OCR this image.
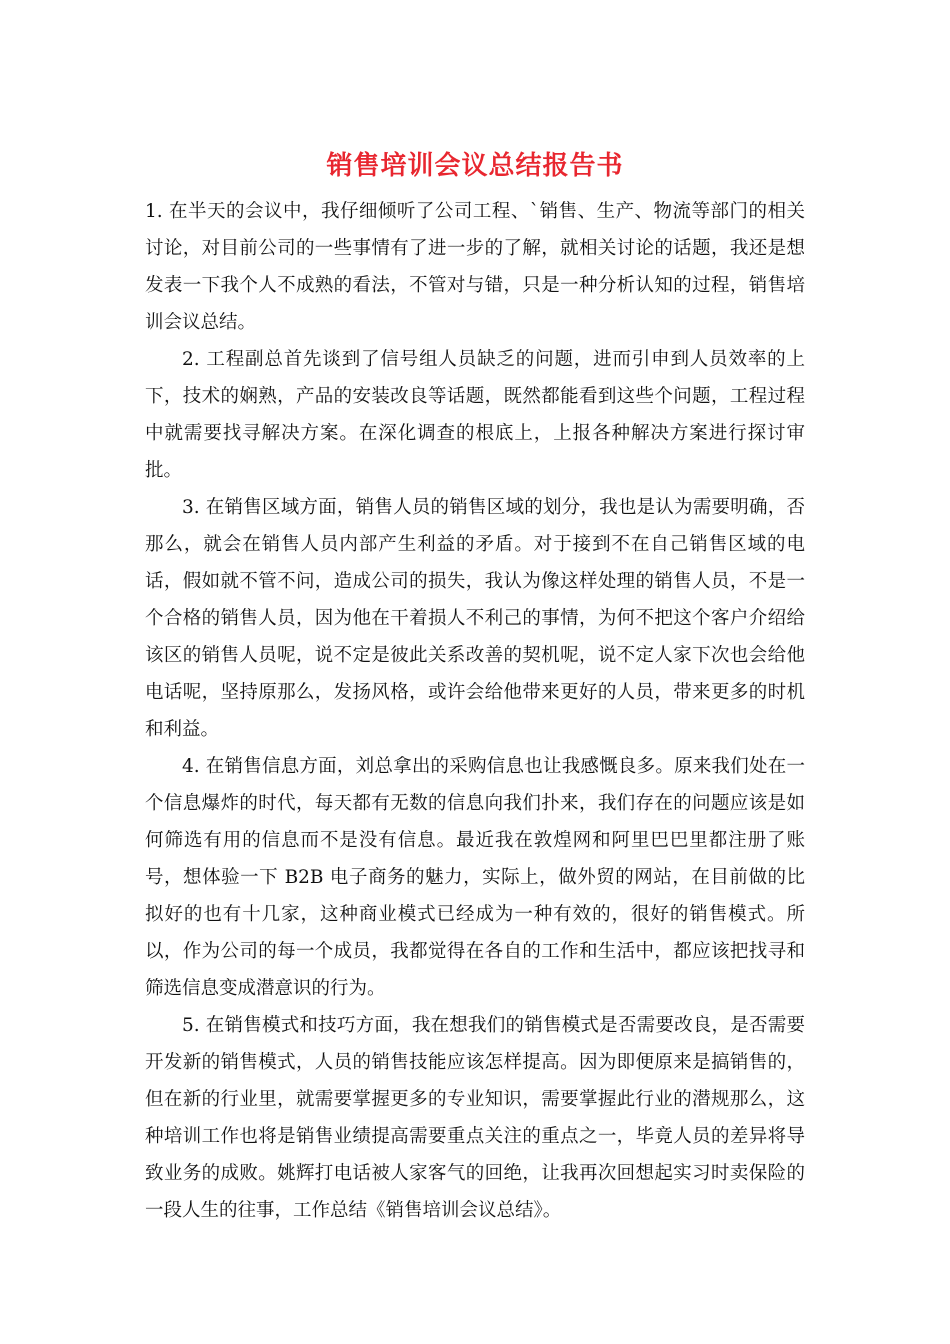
销售培训会议总结报告书

1. 在半天的会议中，我仔细倾听了公司工程、`销售、生产、物流等部门的相关讨论，对目前公司的一些事情有了进一步的了解，就相关讨论的话题，我还是想发表一下我个人不成熟的看法，不管对与错，只是一种分析认知的过程，销售培训会议总结。

2. 工程副总首先谈到了信号组人员缺乏的问题，进而引申到人员效率的上下，技术的娴熟，产品的安装改良等话题，既然都能看到这些个问题，工程过程中就需要找寻解决方案。在深化调查的根底上，上报各种解决方案进行探讨审批。

3. 在销售区域方面，销售人员的销售区域的划分，我也是认为需要明确，否那么，就会在销售人员内部产生利益的矛盾。对于接到不在自己销售区域的电话，假如就不管不问，造成公司的损失，我认为像这样处理的销售人员，不是一个合格的销售人员，因为他在干着损人不利己的事情，为何不把这个客户介绍给该区的销售人员呢，说不定是彼此关系改善的契机呢，说不定人家下次也会给他电话呢，坚持原那么，发扬风格，或许会给他带来更好的人员，带来更多的时机和利益。

4. 在销售信息方面，刘总拿出的采购信息也让我感慨良多。原来我们处在一个信息爆炸的时代，每天都有无数的信息向我们扑来，我们存在的问题应该是如何筛选有用的信息而不是没有信息。最近我在敦煌网和阿里巴巴里都注册了账号，想体验一下 B2B 电子商务的魅力，实际上，做外贸的网站，在目前做的比拟好的也有十几家，这种商业模式已经成为一种有效的，很好的销售模式。所以，作为公司的每一个成员，我都觉得在各自的工作和生活中，都应该把找寻和筛选信息变成潜意识的行为。

5. 在销售模式和技巧方面，我在想我们的销售模式是否需要改良，是否需要开发新的销售模式，人员的销售技能应该怎样提高。因为即便原来是搞销售的，但在新的行业里，就需要掌握更多的专业知识，需要掌握此行业的潜规那么，这种培训工作也将是销售业绩提高需要重点关注的重点之一，毕竟人员的差异将导致业务的成败。姚辉打电话被人家客气的回绝，让我再次回想起实习时卖保险的一段人生的往事，工作总结《销售培训会议总结》。
